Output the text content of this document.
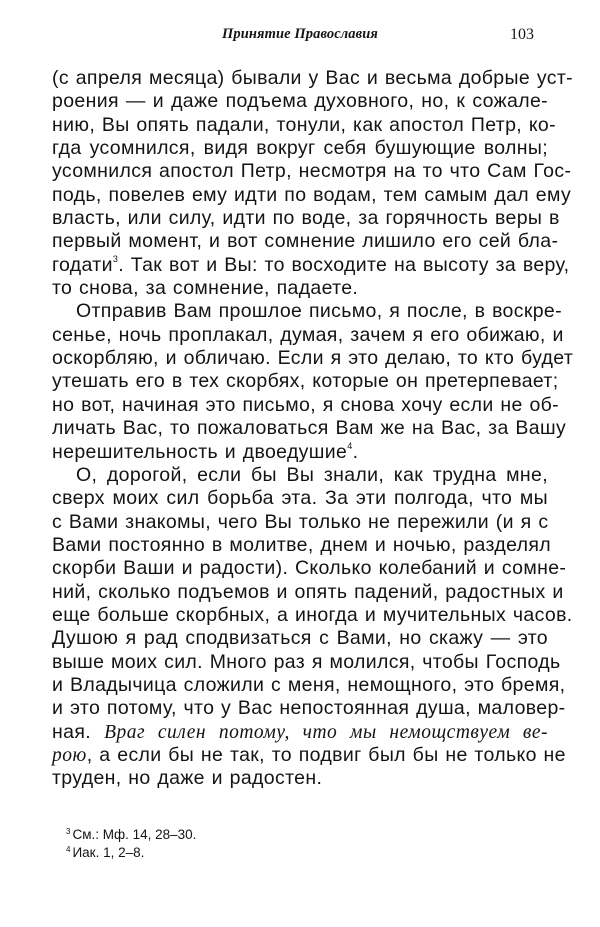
Принятие Православия	103
(с апреля месяца) бывали у Вас и весьма добрые уст-
роения — и даже подъема духовного, но, к сожале-
нию, Вы опять падали, тонули, как апостол Петр, ко-
гда усомнился, видя вокруг себя бушующие волны;
усомнился апостол Петр, несмотря на то что Сам Гос-
подь, повелев ему идти по водам, тем самым дал ему
власть, или силу, идти по воде, за горячность веры в
первый момент, и вот сомнение лишило его сей бла-
годати$^3$. Так вот и Вы: то восходите на высоту за веру,
то снова, за сомнение, падаете.
Отправив Вам прошлое письмо, я после, в воскре-
сенье, ночь проплакал, думая, зачем я его обижаю, и
оскорбляю, и обличаю. Если я это делаю, то кто будет
утешать его в тех скорбях, которые он претерпевает;
но вот, начиная это письмо, я снова хочу если не об-
личать Вас, то пожаловаться Вам же на Вас, за Вашу
нерешительность и двоедушие$^4$.
О, дорогой, если бы Вы знали, как трудна мне,
сверх моих сил борьба эта. За эти полгода, что мы
с Вами знакомы, чего Вы только не пережили (и я с
Вами постоянно в молитве, днем и ночью, разделял
скорби Ваши и радости). Сколько колебаний и сомне-
ний, сколько подъемов и опять падений, радостных и
еще больше скорбных, а иногда и мучительных часов.
Душою я рад сподвизаться с Вами, но скажу — это
выше моих сил. Много раз я молился, чтобы Господь
и Владычица сложили с меня, немощного, это бремя,
и это потому, что у Вас непостоянная душа, маловер-
ная. Враг силен потому, что мы немощствуем ве-
рою, а если бы не так, то подвиг был бы не только не
труден, но даже и радостен.
$^3$ См.: Мф. 14, 28–30.
$^4$ Иак. 1, 2–8.
